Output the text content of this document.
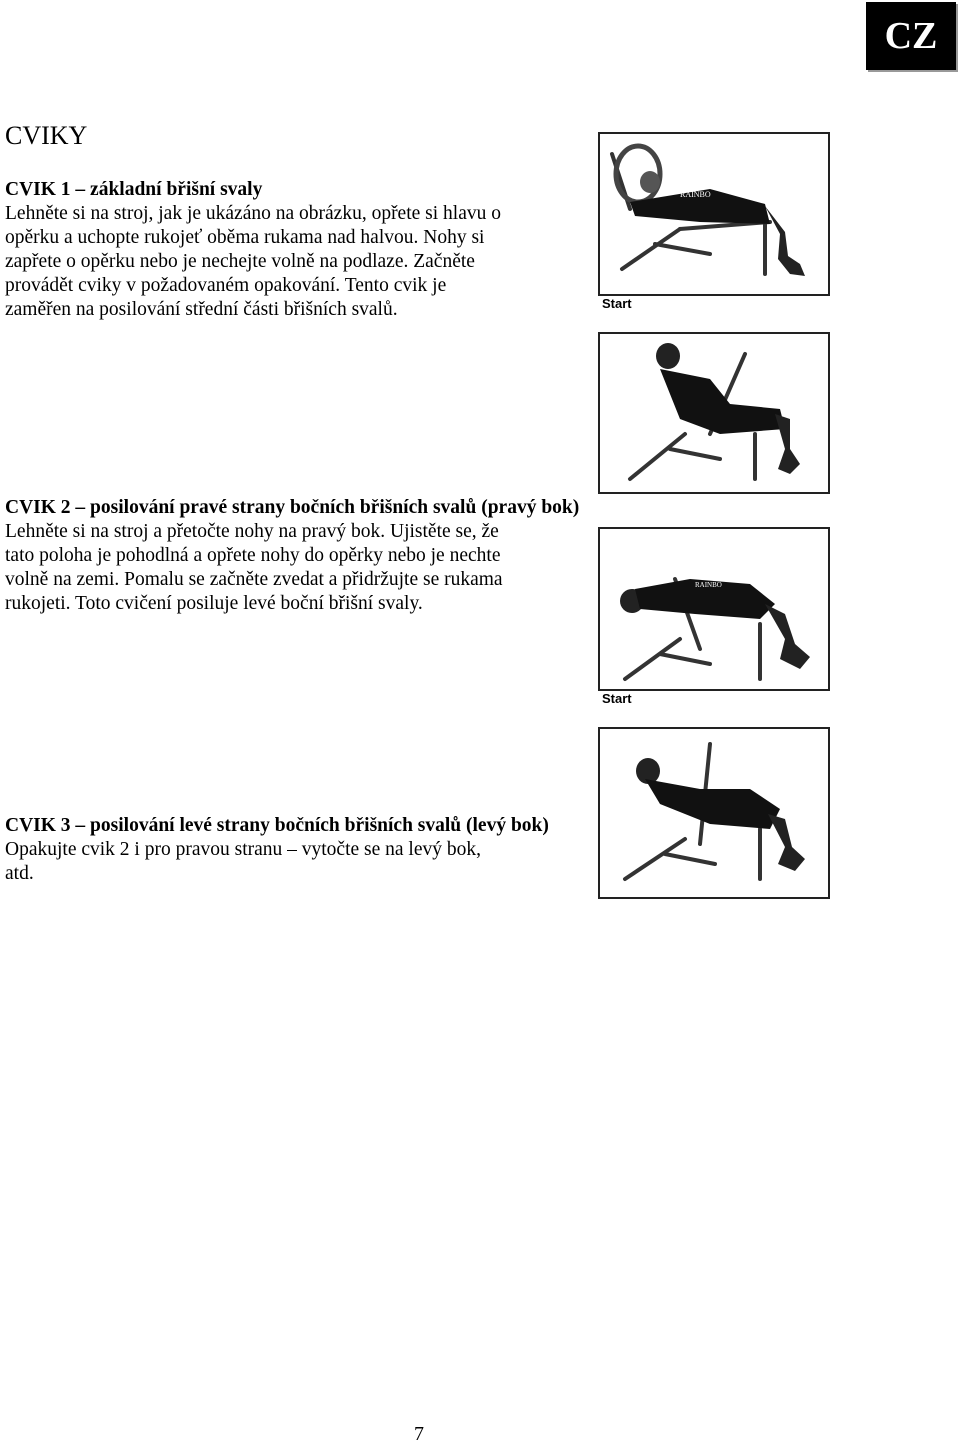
CZ
CVIKY
CVIK 1 – základní břišní svaly

Lehněte si na stroj, jak je ukázáno na obrázku, opřete si hlavu o

opěrku a uchopte rukojeť oběma rukama nad halvou. Nohy si

zapřete o opěrku nebo je nechejte volně na podlaze. Začněte

provádět cviky v požadovaném opakování. Tento cvik je

zaměřen na posilování střední části břišních svalů.

CVIK 2 – posilování pravé strany bočních břišních svalů (pravý bok)

Lehněte si na stroj a přetočte nohy na pravý bok. Ujistěte se, že

tato poloha je pohodlná a opřete nohy do opěrky nebo je nechte

volně na zemi. Pomalu se začněte zvedat a přidržujte se rukama

rukojeti. Toto cvičení posiluje levé boční břišní svaly.

CVIK 3 – posilování levé strany bočních břišních svalů (levý bok)

Opakujte cvik 2 i pro pravou stranu – vytočte se na levý bok,

atd.

RAINBO
Start
RAINBO
Start
7
